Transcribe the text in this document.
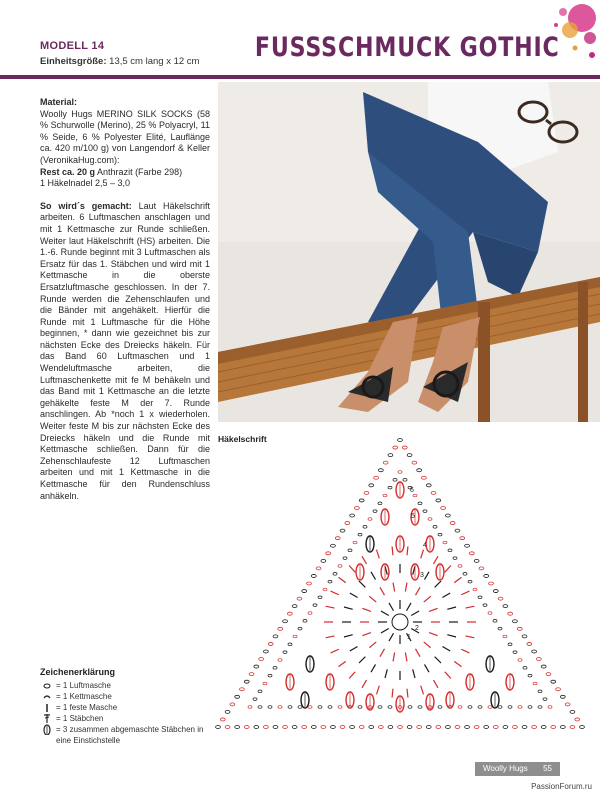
MODELL 14
Einheitsgröße: 13,5 cm lang x 12 cm FUSSSCHMUCK GOTHIC

Material:

Woolly Hugs MERINO SILK SOCKS (58 % Schurwolle (Merino), 25 % Polyacryl, 11 % Seide, 6 % Polyester Elité, Lauflänge ca. 420 m/100 g) von Langendorf & Keller (VeronikaHug.com):

Rest ca. 20 g Anthrazit (Farbe 298)

1 Häkelnadel 2,5 – 3,0

So wird´s gemacht: Laut Häkelschrift arbeiten. 6 Luftmaschen anschlagen und mit 1 Kettmasche zur Runde schließen. Weiter laut Häkelschrift (HS) arbeiten. Die 1.-6. Runde beginnt mit 3 Luftmaschen als Ersatz für das 1. Stäbchen und wird mit 1 Kettmasche in die oberste Ersatzluftmasche geschlossen. In der 7. Runde werden die Zehenschlaufen und die Bänder mit angehäkelt. Hierfür die Runde mit 1 Luftmasche für die Höhe beginnen, * dann wie gezeichnet bis zur nächsten Ecke des Dreiecks häkeln. Für das Band 60 Luftmaschen und 1 Wendeluftmasche arbeiten, die Luftmaschenkette mit fe M behäkeln und das Band mit 1 Kettmasche an die letzte gehäkelte feste M der 7. Runde anschlingen. Ab *noch 1 x wiederholen. Weiter feste M bis zur nächsten Ecke des Dreiecks häkeln und die Runde mit Kettmasche schließen. Dann für die Zehenschlaufeste 12 Luftmaschen arbeiten und mit 1 Kettmasche in die Kettmasche für den Rundenschluss anhäkeln.

Häkelschrift
1
2
3
4
5
6
Zeichenerklärung
= 1 Luftmasche
= 1 Kettmasche
= 1 feste Masche
= 1 Stäbchen
= 3 zusammen abgemaschte Stäbchen in eine Einstichstelle
Woolly Hugs 55
PassionForum.ru
